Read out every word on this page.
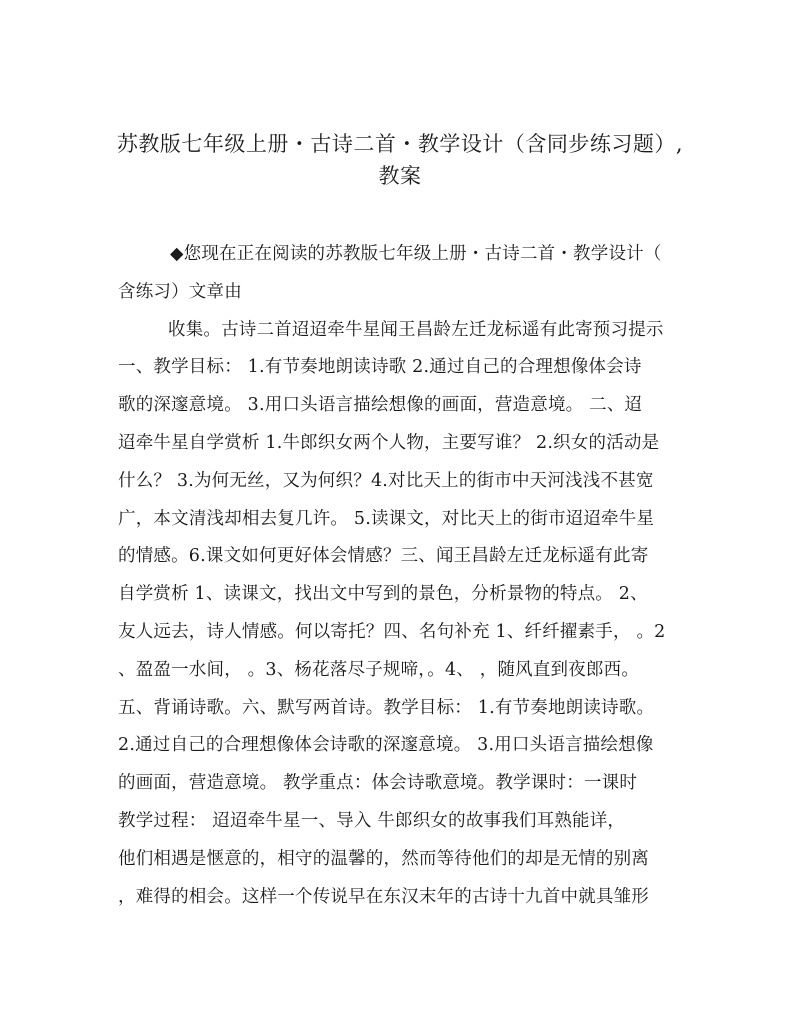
苏教版七年级上册・古诗二首・教学设计（含同步练习题）,
教案
◆您现在正在阅读的苏教版七年级上册・古诗二首・教学设计（
含练习）文章由
收集。古诗二首迢迢牵牛星闻王昌龄左迁龙标遥有此寄预习提示
一、教学目标： 1.有节奏地朗读诗歌 2.通过自己的合理想像体会诗
歌的深邃意境。 3.用口头语言描绘想像的画面，营造意境。 二、迢
迢牵牛星自学赏析 1.牛郎织女两个人物，主要写谁？ 2.织女的活动是
什么？ 3.为何无丝，又为何织？4.对比天上的街市中天河浅浅不甚宽
广，本文清浅却相去复几许。 5.读课文，对比天上的街市迢迢牵牛星
的情感。6.课文如何更好体会情感？三、闻王昌龄左迁龙标遥有此寄
自学赏析 1、读课文，找出文中写到的景色，分析景物的特点。 2、
友人远去，诗人情感。何以寄托？四、名句补充 1、纤纤擢素手， 。2
、盈盈一水间， 。3、杨花落尽子规啼，。4、 ，随风直到夜郎西。
五、背诵诗歌。六、默写两首诗。教学目标： 1.有节奏地朗读诗歌。
2.通过自己的合理想像体会诗歌的深邃意境。 3.用口头语言描绘想像
的画面，营造意境。 教学重点：体会诗歌意境。教学课时：一课时
教学过程： 迢迢牵牛星一、导入 牛郎织女的故事我们耳熟能详，
他们相遇是惬意的，相守的温馨的，然而等待他们的却是无情的别离
，难得的相会。这样一个传说早在东汉末年的古诗十九首中就具雏形
